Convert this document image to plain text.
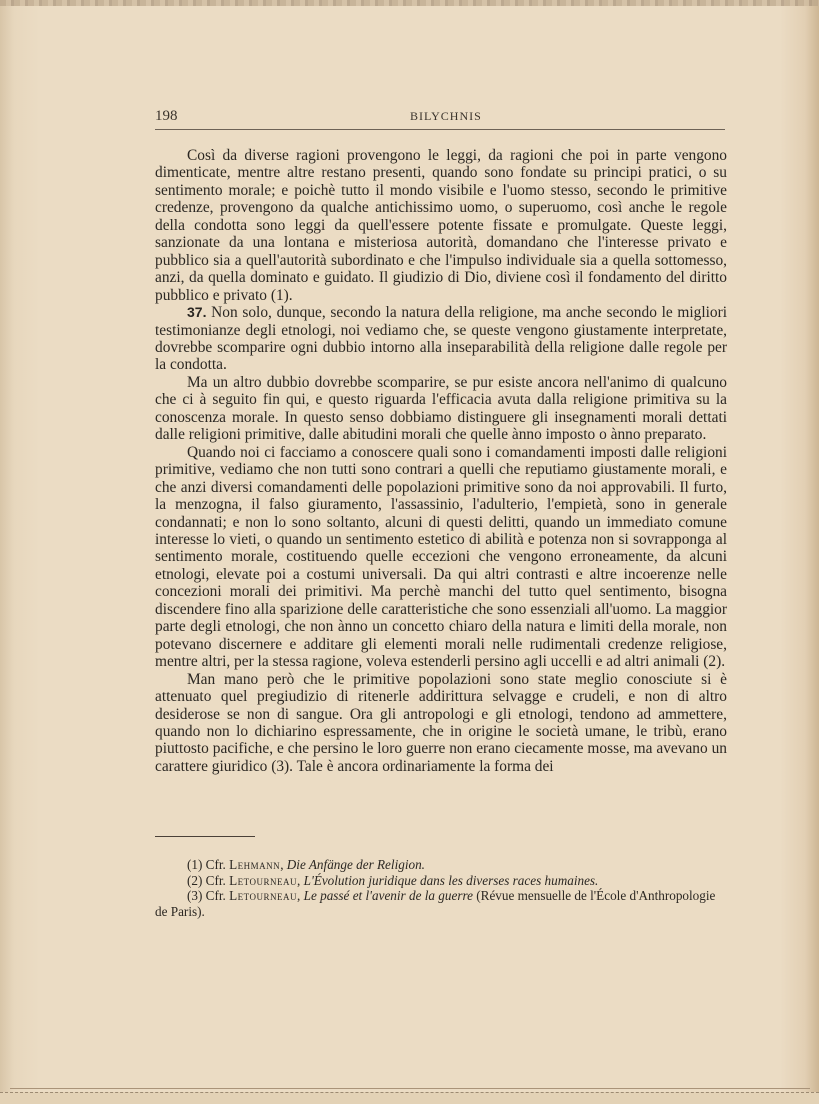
198	BILYCHNIS

Così da diverse ragioni provengono le leggi, da ragioni che poi in parte vengono dimenticate, mentre altre restano presenti, quando sono fondate su principi pratici, o su sentimento morale; e poichè tutto il mondo visibile e l'uomo stesso, secondo le primitive credenze, provengono da qualche antichissimo uomo, o superuomo, così anche le regole della condotta sono leggi da quell'essere potente fissate e promulgate. Queste leggi, sanzionate da una lontana e misteriosa autorità, domandano che l'interesse privato e pubblico sia a quell'autorità subordinato e che l'impulso individuale sia a quella sottomesso, anzi, da quella dominato e guidato. Il giudizio di Dio, diviene così il fondamento del diritto pubblico e privato (1).

37. Non solo, dunque, secondo la natura della religione, ma anche secondo le migliori testimonianze degli etnologi, noi vediamo che, se queste vengono giustamente interpretate, dovrebbe scomparire ogni dubbio intorno alla inseparabilità della religione dalle regole per la condotta.

Ma un altro dubbio dovrebbe scomparire, se pur esiste ancora nell'animo di qualcuno che ci à seguito fin qui, e questo riguarda l'efficacia avuta dalla religione primitiva su la conoscenza morale. In questo senso dobbiamo distinguere gli insegnamenti morali dettati dalle religioni primitive, dalle abitudini morali che quelle ànno imposto o ànno preparato.

Quando noi ci facciamo a conoscere quali sono i comandamenti imposti dalle religioni primitive, vediamo che non tutti sono contrari a quelli che reputiamo giustamente morali, e che anzi diversi comandamenti delle popolazioni primitive sono da noi approvabili. Il furto, la menzogna, il falso giuramento, l'assassinio, l'adulterio, l'empietà, sono in generale condannati; e non lo sono soltanto, alcuni di questi delitti, quando un immediato comune interesse lo vieti, o quando un sentimento estetico di abilità e potenza non si sovrapponga al sentimento morale, costituendo quelle eccezioni che vengono erroneamente, da alcuni etnologi, elevate poi a costumi universali. Da qui altri contrasti e altre incoerenze nelle concezioni morali dei primitivi. Ma perchè manchi del tutto quel sentimento, bisogna discendere fino alla sparizione delle caratteristiche che sono essenziali all'uomo. La maggior parte degli etnologi, che non ànno un concetto chiaro della natura e limiti della morale, non potevano discernere e additare gli elementi morali nelle rudimentali credenze religiose, mentre altri, per la stessa ragione, voleva estenderli persino agli uccelli e ad altri animali (2).

Man mano però che le primitive popolazioni sono state meglio conosciute si è attenuato quel pregiudizio di ritenerle addirittura selvagge e crudeli, e non di altro desiderose se non di sangue. Ora gli antropologi e gli etnologi, tendono ad ammettere, quando non lo dichiarino espressamente, che in origine le società umane, le tribù, erano piuttosto pacifiche, e che persino le loro guerre non erano ciecamente mosse, ma avevano un carattere giuridico (3). Tale è ancora ordinariamente la forma dei

(1) Cfr. Lehmann, Die Anfänge der Religion.

(2) Cfr. Letourneau, L'Évolution juridique dans les diverses races humaines.

(3) Cfr. Letourneau, Le passé et l'avenir de la guerre (Révue mensuelle de l'École d'Anthropologie de Paris).
